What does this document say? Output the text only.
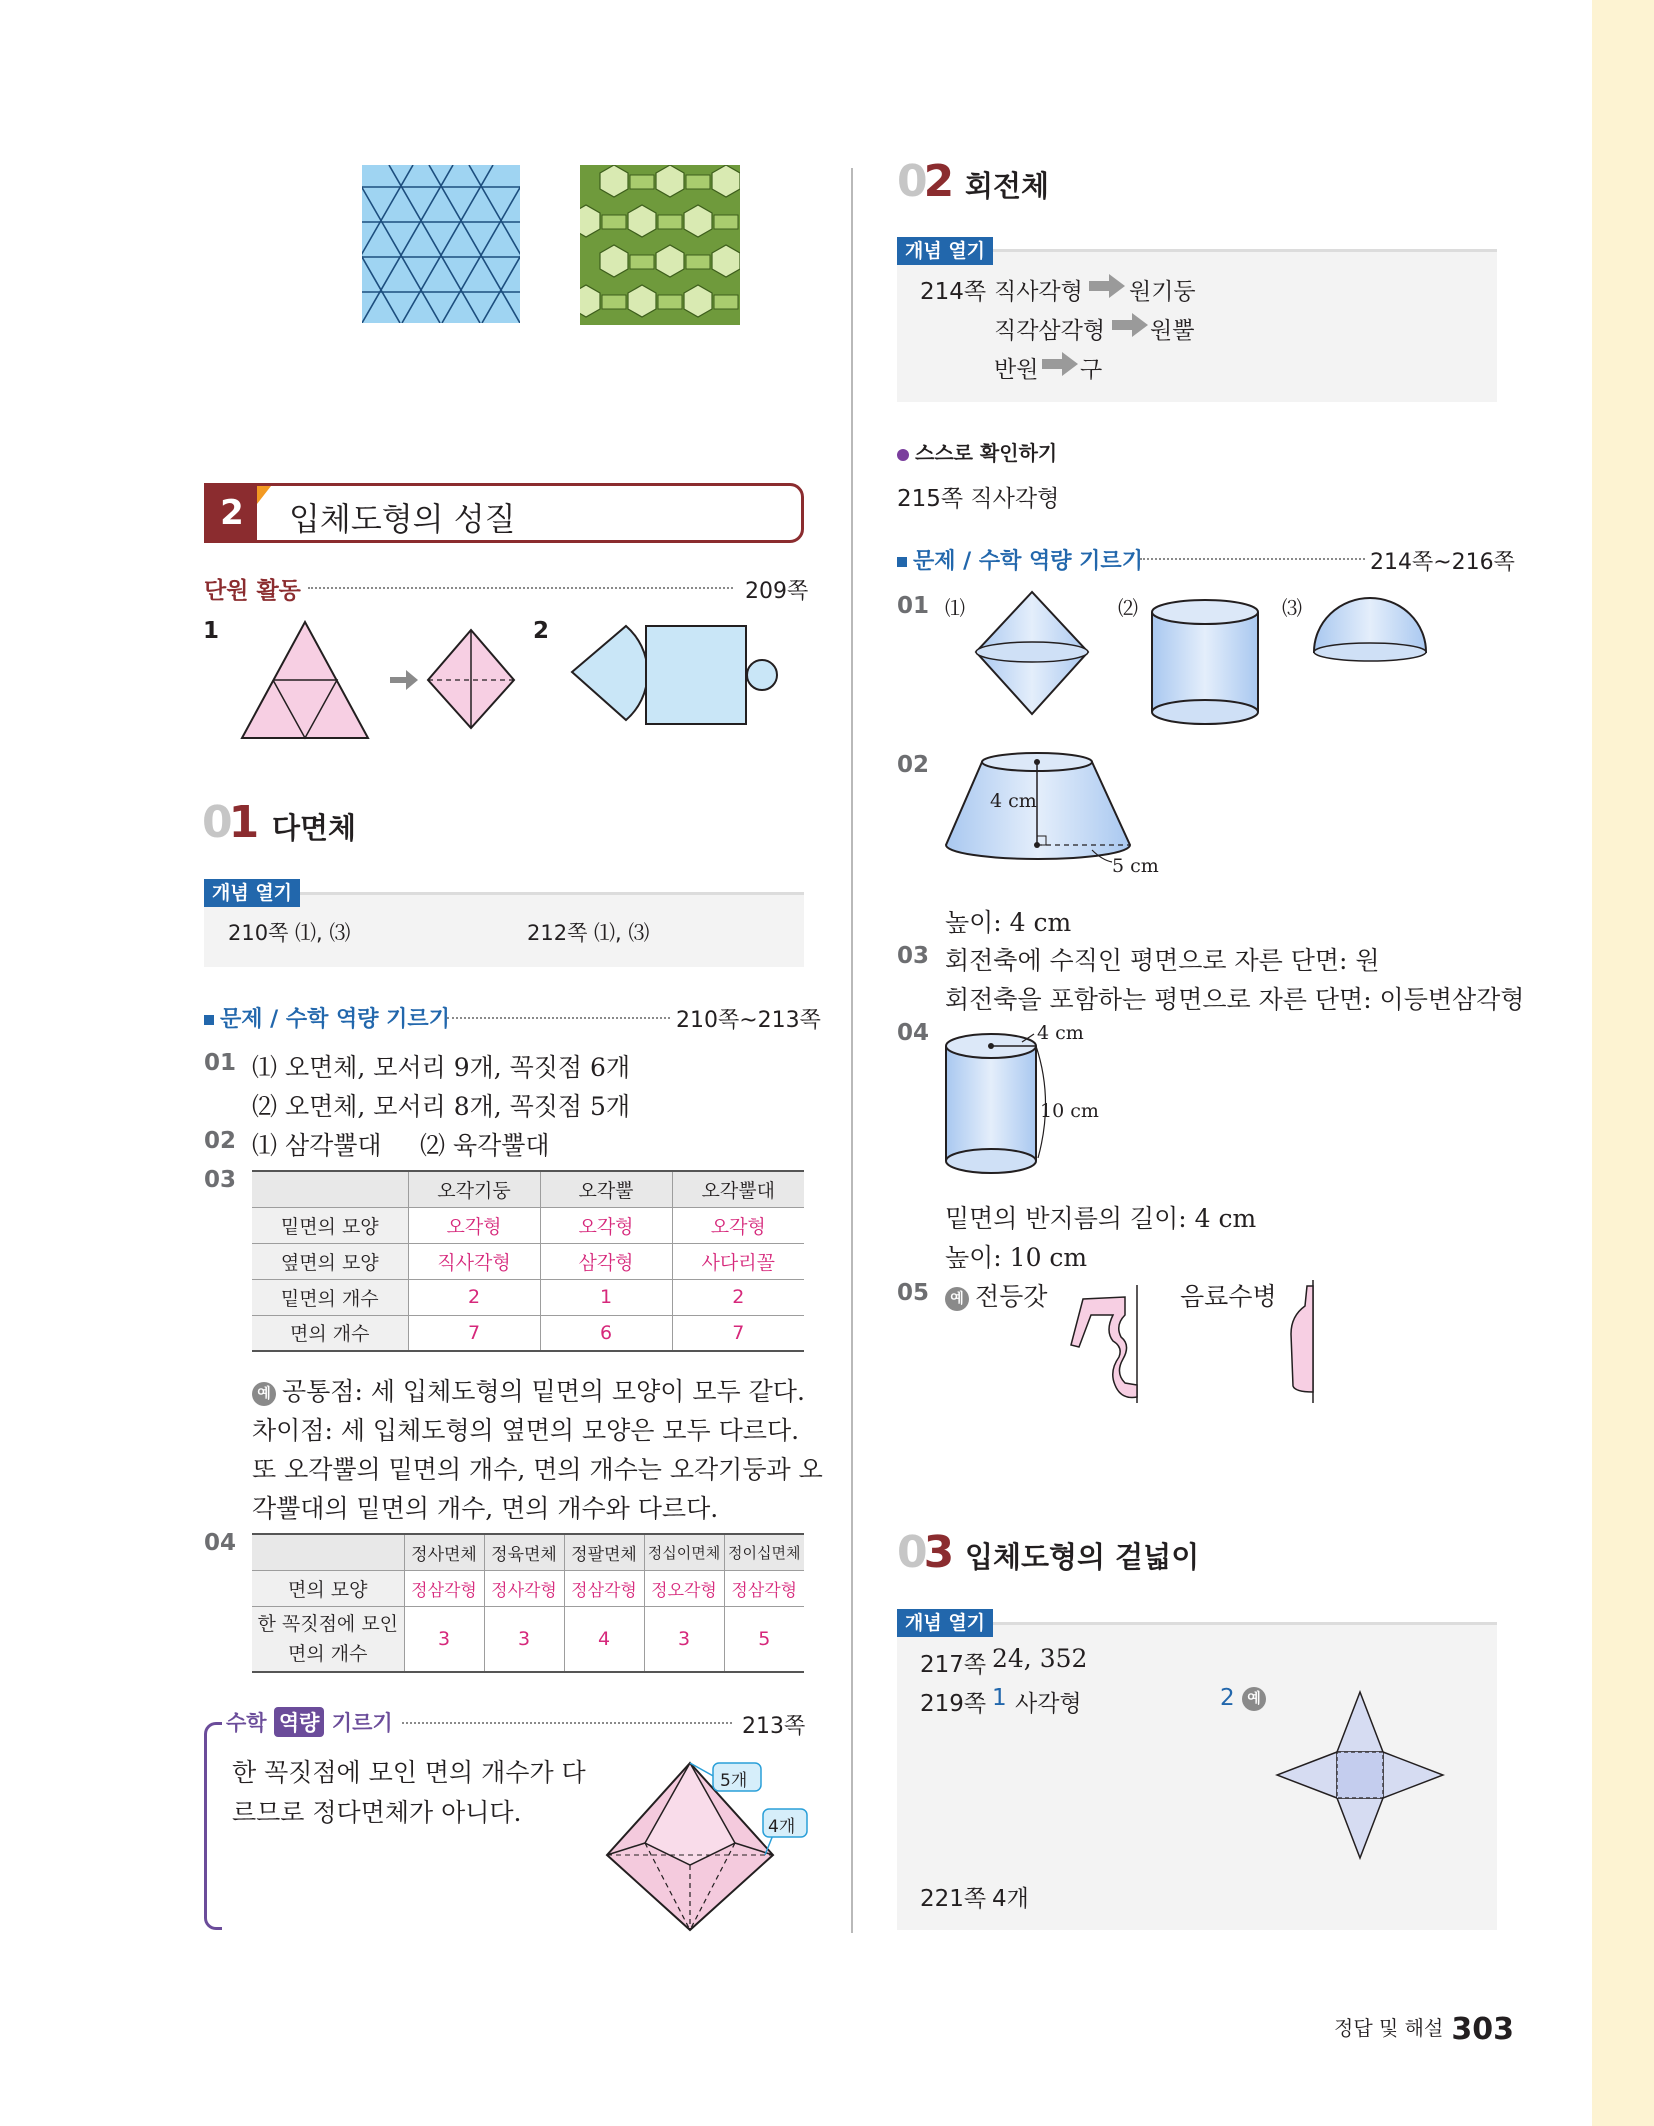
2	입체도형의 성질
단원 활동	209쪽
1	2
01 다면체
개념 열기
210쪽 ⑴, ⑶	212쪽 ⑴, ⑶
문제 / 수학 역량 기르기	210쪽~213쪽
01 ⑴ 오면체, 모서리 9개, 꼭짓점 6개
⑵ 오면체, 모서리 8개, 꼭짓점 5개
02 ⑴ 삼각뿔대 ⑵ 육각뿔대
03
		오각기둥	오각뿔	오각뿔대
밑면의 모양	오각형	오각형	오각형
옆면의 모양	직사각형	삼각형	사다리꼴
밑면의 개수	2	1	2
면의 개수	7	6	7
예 공통점: 세 입체도형의 밑면의 모양이 모두 같다.
차이점: 세 입체도형의 옆면의 모양은 모두 다르다.
또 오각뿔의 밑면의 개수, 면의 개수는 오각기둥과 오
각뿔대의 밑면의 개수, 면의 개수와 다르다.
04
		정사면체	정육면체	정팔면체	정십이면체	정이십면체
면의 모양	정삼각형	정사각형	정삼각형	정오각형	정삼각형

한 꼭짓점에 모인
면의 개수	3	3	4	3	5
수학 역량 기르기	213쪽
한 꼭짓점에 모인 면의 개수가 다
르므로 정다면체가 아니다.
5개
4개
02 회전체
개념 열기
214쪽 직사각형 원기둥
직각삼각형 원뿔
반원 구
스스로 확인하기
215쪽 직사각형
문제 / 수학 역량 기르기	214쪽~216쪽
01 ⑴	⑵	⑶
02
4 cm
5 cm
높이: 4 cm
03 회전축에 수직인 평면으로 자른 단면: 원
회전축을 포함하는 평면으로 자른 단면: 이등변삼각형
04	4 cm
10 cm
밑면의 반지름의 길이: 4 cm
높이: 10 cm
05	예 전등갓	음료수병
03 입체도형의 겉넓이
개념 열기
217쪽 24, 352
219쪽 1 사각형	2 예
221쪽 4개
정답 및 해설 303
